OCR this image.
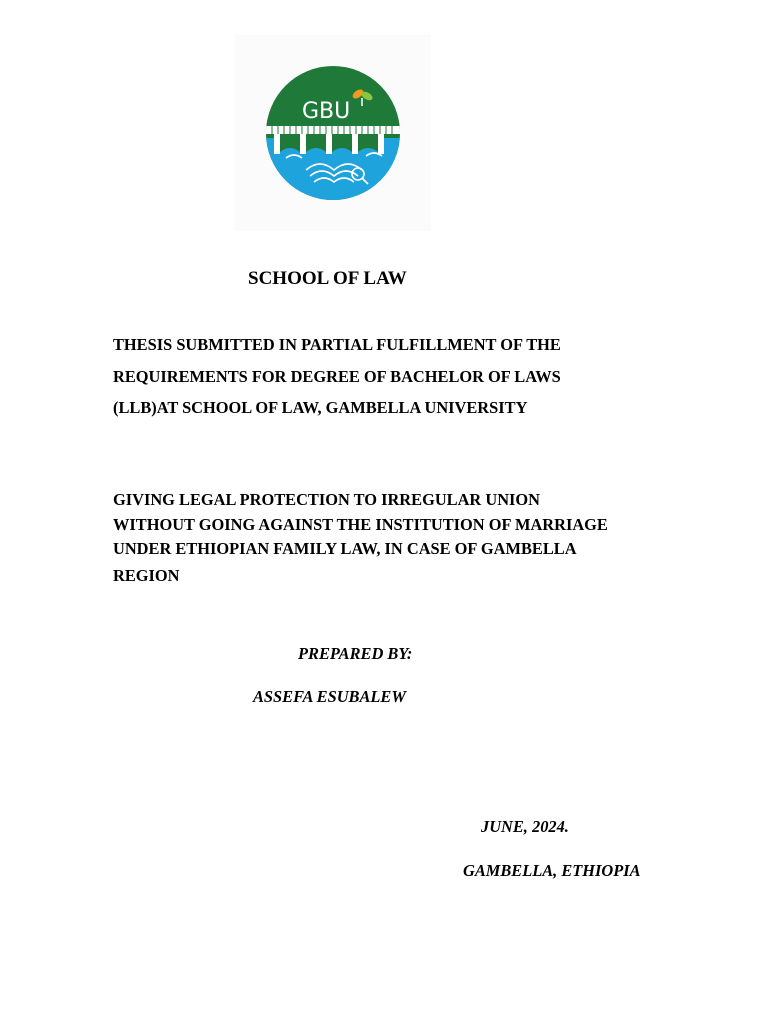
GBU
SCHOOL OF LAW
THESIS SUBMITTED IN PARTIAL FULFILLMENT OF THE
REQUIREMENTS FOR DEGREE OF BACHELOR OF LAWS
(LLB)AT SCHOOL OF LAW, GAMBELLA UNIVERSITY
GIVING LEGAL PROTECTION TO IRREGULAR UNION
WITHOUT GOING AGAINST THE INSTITUTION OF MARRIAGE
UNDER ETHIOPIAN FAMILY LAW, IN CASE OF GAMBELLA
REGION
PREPARED BY:
ASSEFA ESUBALEW
JUNE, 2024.
GAMBELLA, ETHIOPIA
